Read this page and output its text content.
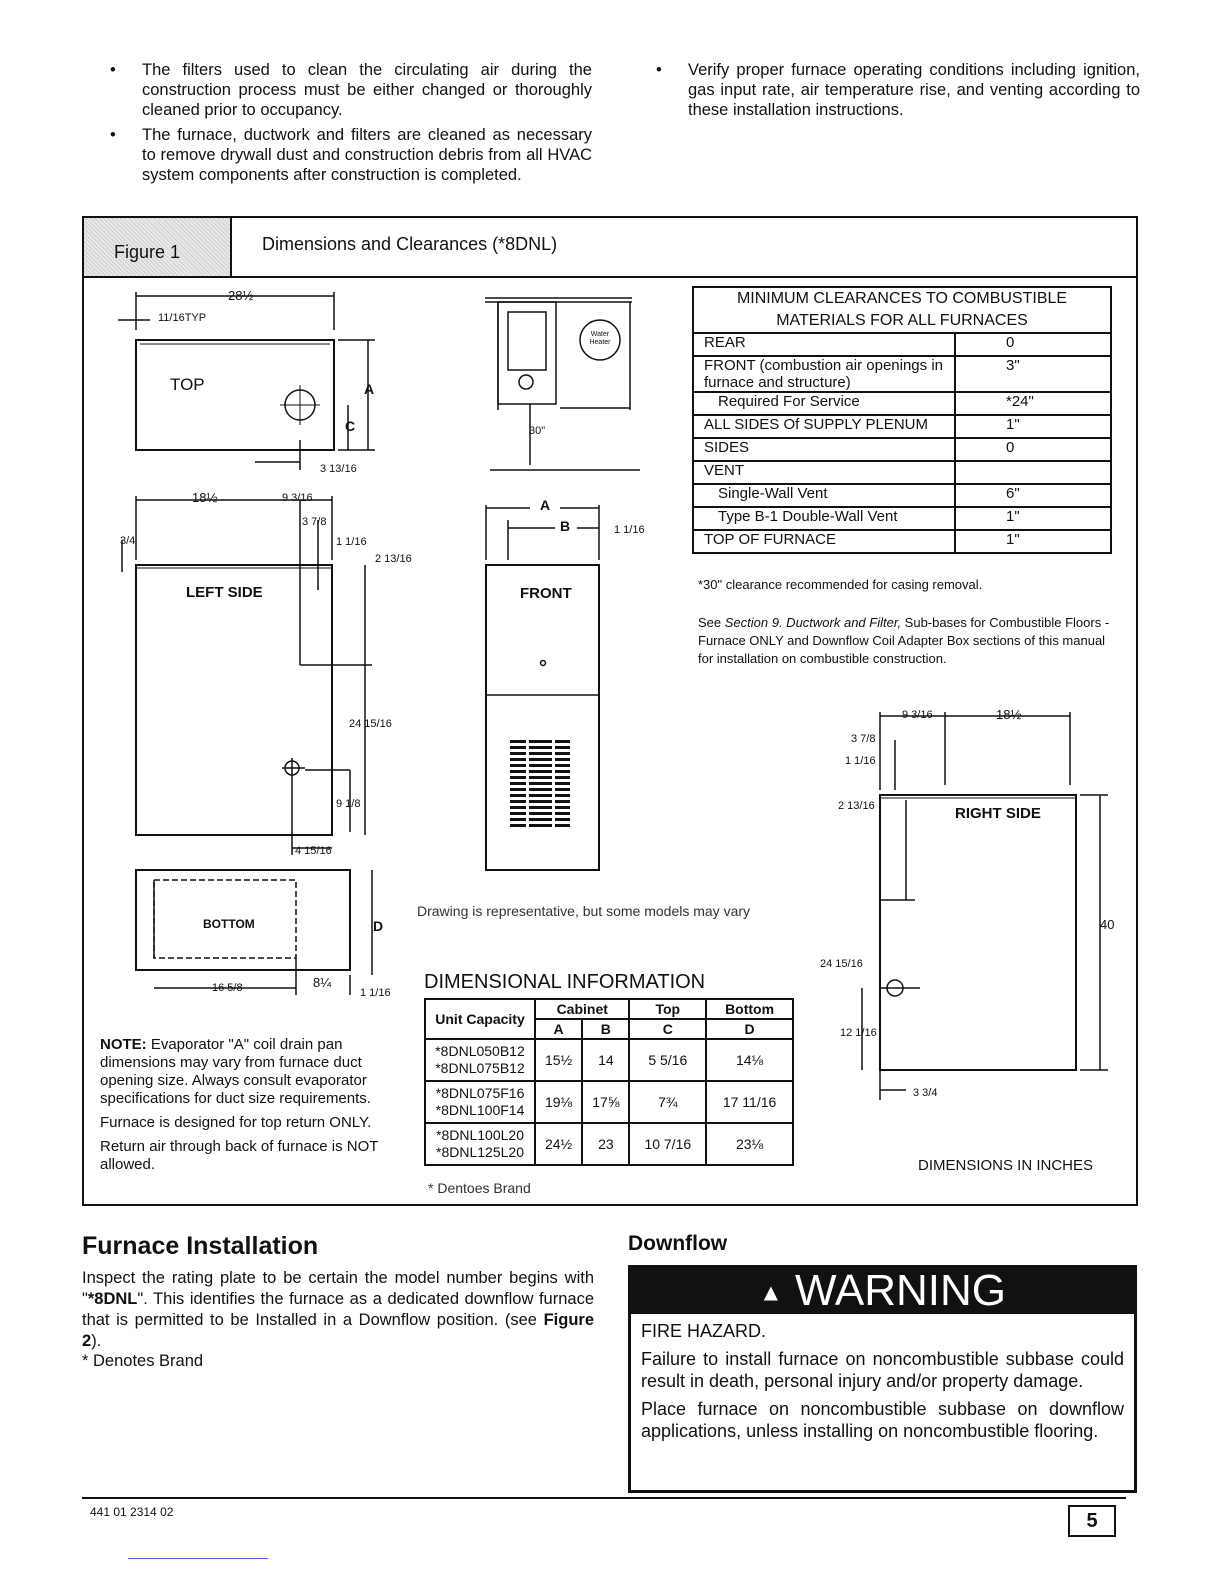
• The filters used to clean the circulating air during the construction process must be either changed or thoroughly cleaned prior to occupancy.
• The furnace, ductwork and filters are cleaned as necessary to remove drywall dust and construction debris from all HVAC system components after construction is completed.
• Verify proper furnace operating conditions including ignition, gas input rate, air temperature rise, and venting according to these installation instructions.
Figure 1	Dimensions and Clearances (*8DNL)
TOP
LEFT SIDE	FRONT
BOTTOM
RIGHT SIDE
Water Heater
28½
11/16TYP
A
C
3 13/16
18½	9 3/16
3/4
3 7/8
1 1/16
2 13/16
24 15/16
9 1/8
4 15/16
30"
A
B	1 1/16
16 5/8	8¼
1 1/16
D
9 3/16	18½
3 7/8
1 1/16
2 13/16
40
24 15/16
12 1/16
3 3/4
MINIMUM CLEARANCES TO COMBUSTIBLE MATERIALS FOR ALL FURNACES	
REAR	0
FRONT (combustion air openings in furnace and structure)	3"
Required For Service	*24"
ALL SIDES Of SUPPLY PLENUM	1"
SIDES	0
VENT	
Single-Wall Vent	6"
Type B-1 Double-Wall Vent	1"
TOP OF FURNACE	1"
*30" clearance recommended for casing removal.
See Section 9. Ductwork and Filter, Sub-bases for Combustible Floors - Furnace ONLY and Downflow Coil Adapter Box sections of this manual for installation on combustible construction.
Drawing is representative, but some models may vary
DIMENSIONAL INFORMATION
Unit Capacity	Cabinet		Top	Bottom
	A	B	C	D
*8DNL050B12
*8DNL075B12	15½	14	5 5/16	14⅛
*8DNL075F16
*8DNL100F14	19⅛	17⅝	7¾	17 11/16
*8DNL100L20
*8DNL125L20	24½	23	10 7/16	23⅛
* Dentoes Brand
NOTE: Evaporator "A" coil drain pan dimensions may vary from furnace duct opening size. Always consult evaporator specifications for duct size requirements.
Furnace is designed for top return ONLY.
Return air through back of furnace is NOT allowed.	DIMENSIONS IN INCHES
Furnace Installation
Inspect the rating plate to be certain the model number begins with "*8DNL". This identifies the furnace as a dedicated downflow furnace that is permitted to be Installed in a Downflow position. (see Figure 2).
* Denotes Brand
Downflow
▲ WARNING

FIRE HAZARD.

Failure to install furnace on noncombustible subbase could result in death, personal injury and/or property damage.

Place furnace on noncombustible subbase on downflow applications, unless installing on noncombustible flooring.

441 01 2314 02	5
